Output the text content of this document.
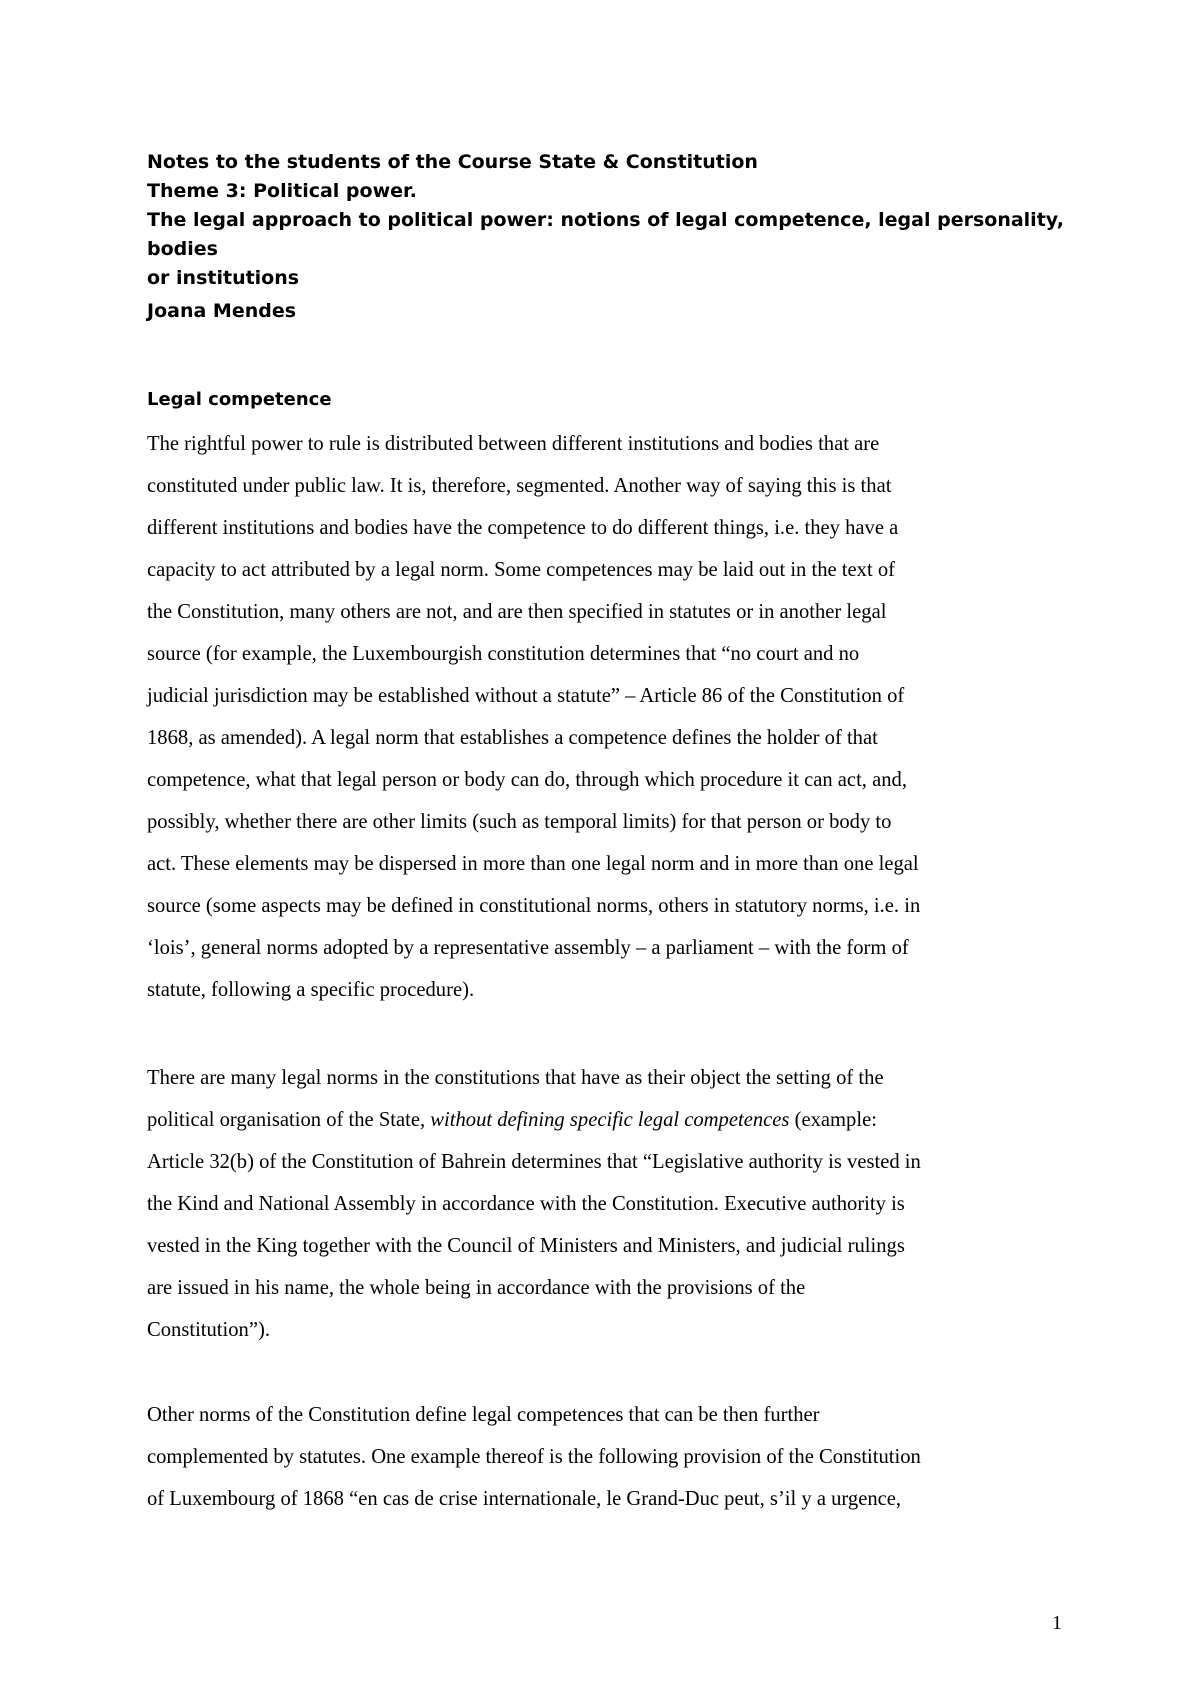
Notes to the students of the Course State & Constitution
Theme 3: Political power.
The legal approach to political power: notions of legal competence, legal personality, bodies
or institutions
Joana Mendes
Legal competence
The rightful power to rule is distributed between different institutions and bodies that are
constituted under public law. It is, therefore, segmented. Another way of saying this is that
different institutions and bodies have the competence to do different things, i.e. they have a
capacity to act attributed by a legal norm. Some competences may be laid out in the text of
the Constitution, many others are not, and are then specified in statutes or in another legal
source (for example, the Luxembourgish constitution determines that “no court and no
judicial jurisdiction may be established without a statute” – Article 86 of the Constitution of
1868, as amended). A legal norm that establishes a competence defines the holder of that
competence, what that legal person or body can do, through which procedure it can act, and,
possibly, whether there are other limits (such as temporal limits) for that person or body to
act. These elements may be dispersed in more than one legal norm and in more than one legal
source (some aspects may be defined in constitutional norms, others in statutory norms, i.e. in
‘lois’, general norms adopted by a representative assembly – a parliament – with the form of
statute, following a specific procedure).
There are many legal norms in the constitutions that have as their object the setting of the
political organisation of the State, without defining specific legal competences (example:
Article 32(b) of the Constitution of Bahrein determines that “Legislative authority is vested in
the Kind and National Assembly in accordance with the Constitution. Executive authority is
vested in the King together with the Council of Ministers and Ministers, and judicial rulings
are issued in his name, the whole being in accordance with the provisions of the
Constitution”).
Other norms of the Constitution define legal competences that can be then further
complemented by statutes. One example thereof is the following provision of the Constitution
of Luxembourg of 1868 “en cas de crise internationale, le Grand-Duc peut, s’il y a urgence,
1
